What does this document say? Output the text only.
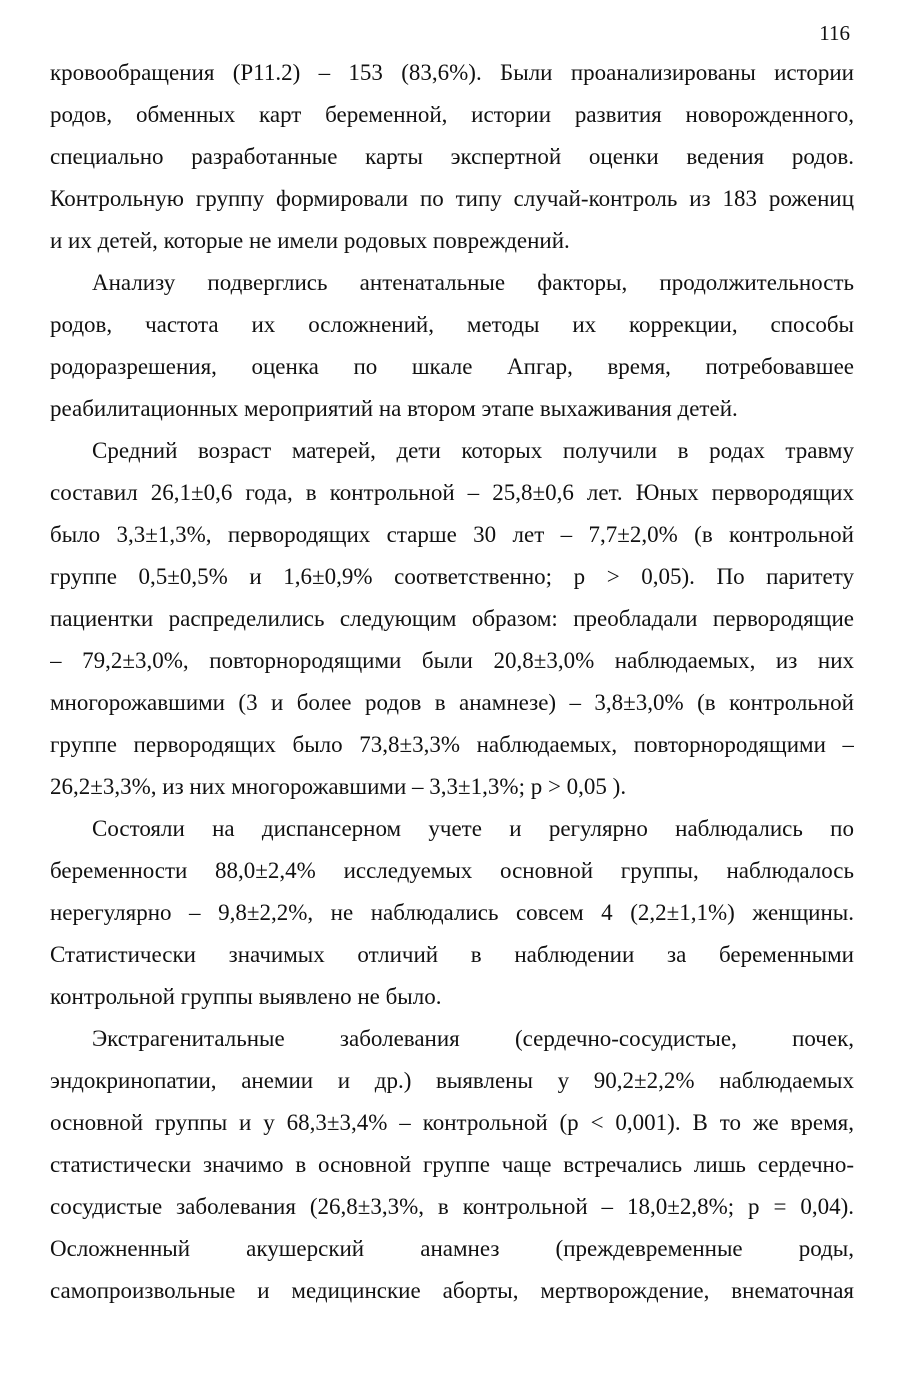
116
кровообращения (P11.2) – 153 (83,6%). Были проанализированы истории
родов, обменных карт беременной, истории развития новорожденного,
специально разработанные карты экспертной оценки ведения родов.
Контрольную группу формировали по типу случай-контроль из 183 рожениц
и их детей, которые не имели родовых повреждений.
Анализу подверглись антенатальные факторы, продолжительность
родов, частота их осложнений, методы их коррекции, способы
родоразрешения, оценка по шкале Апгар, время, потребовавшее
реабилитационных мероприятий на втором этапе выхаживания детей.
Средний возраст матерей, дети которых получили в родах травму
составил 26,1±0,6 года, в контрольной – 25,8±0,6 лет. Юных первородящих
было 3,3±1,3%, первородящих старше 30 лет – 7,7±2,0% (в контрольной
группе 0,5±0,5% и 1,6±0,9% соответственно; p > 0,05). По паритету
пациентки распределились следующим образом: преобладали первородящие
– 79,2±3,0%, повторнородящими были 20,8±3,0% наблюдаемых, из них
многорожавшими (3 и более родов в анамнезе) – 3,8±3,0% (в контрольной
группе первородящих было 73,8±3,3% наблюдаемых, повторнородящими –
26,2±3,3%, из них многорожавшими – 3,3±1,3%; p > 0,05 ).
Состояли на диспансерном учете и регулярно наблюдались по
беременности 88,0±2,4% исследуемых основной группы, наблюдалось
нерегулярно – 9,8±2,2%, не наблюдались совсем 4 (2,2±1,1%) женщины.
Статистически значимых отличий в наблюдении за беременными
контрольной группы выявлено не было.
Экстрагенитальные заболевания (сердечно-сосудистые, почек,
эндокринопатии, анемии и др.) выявлены у 90,2±2,2% наблюдаемых
основной группы и у 68,3±3,4% – контрольной (p < 0,001). В то же время,
статистически значимо в основной группе чаще встречались лишь сердечно-
сосудистые заболевания (26,8±3,3%, в контрольной – 18,0±2,8%; p = 0,04).
Осложненный акушерский анамнез (преждевременные роды,
самопроизвольные и медицинские аборты, мертворождение, внематочная
